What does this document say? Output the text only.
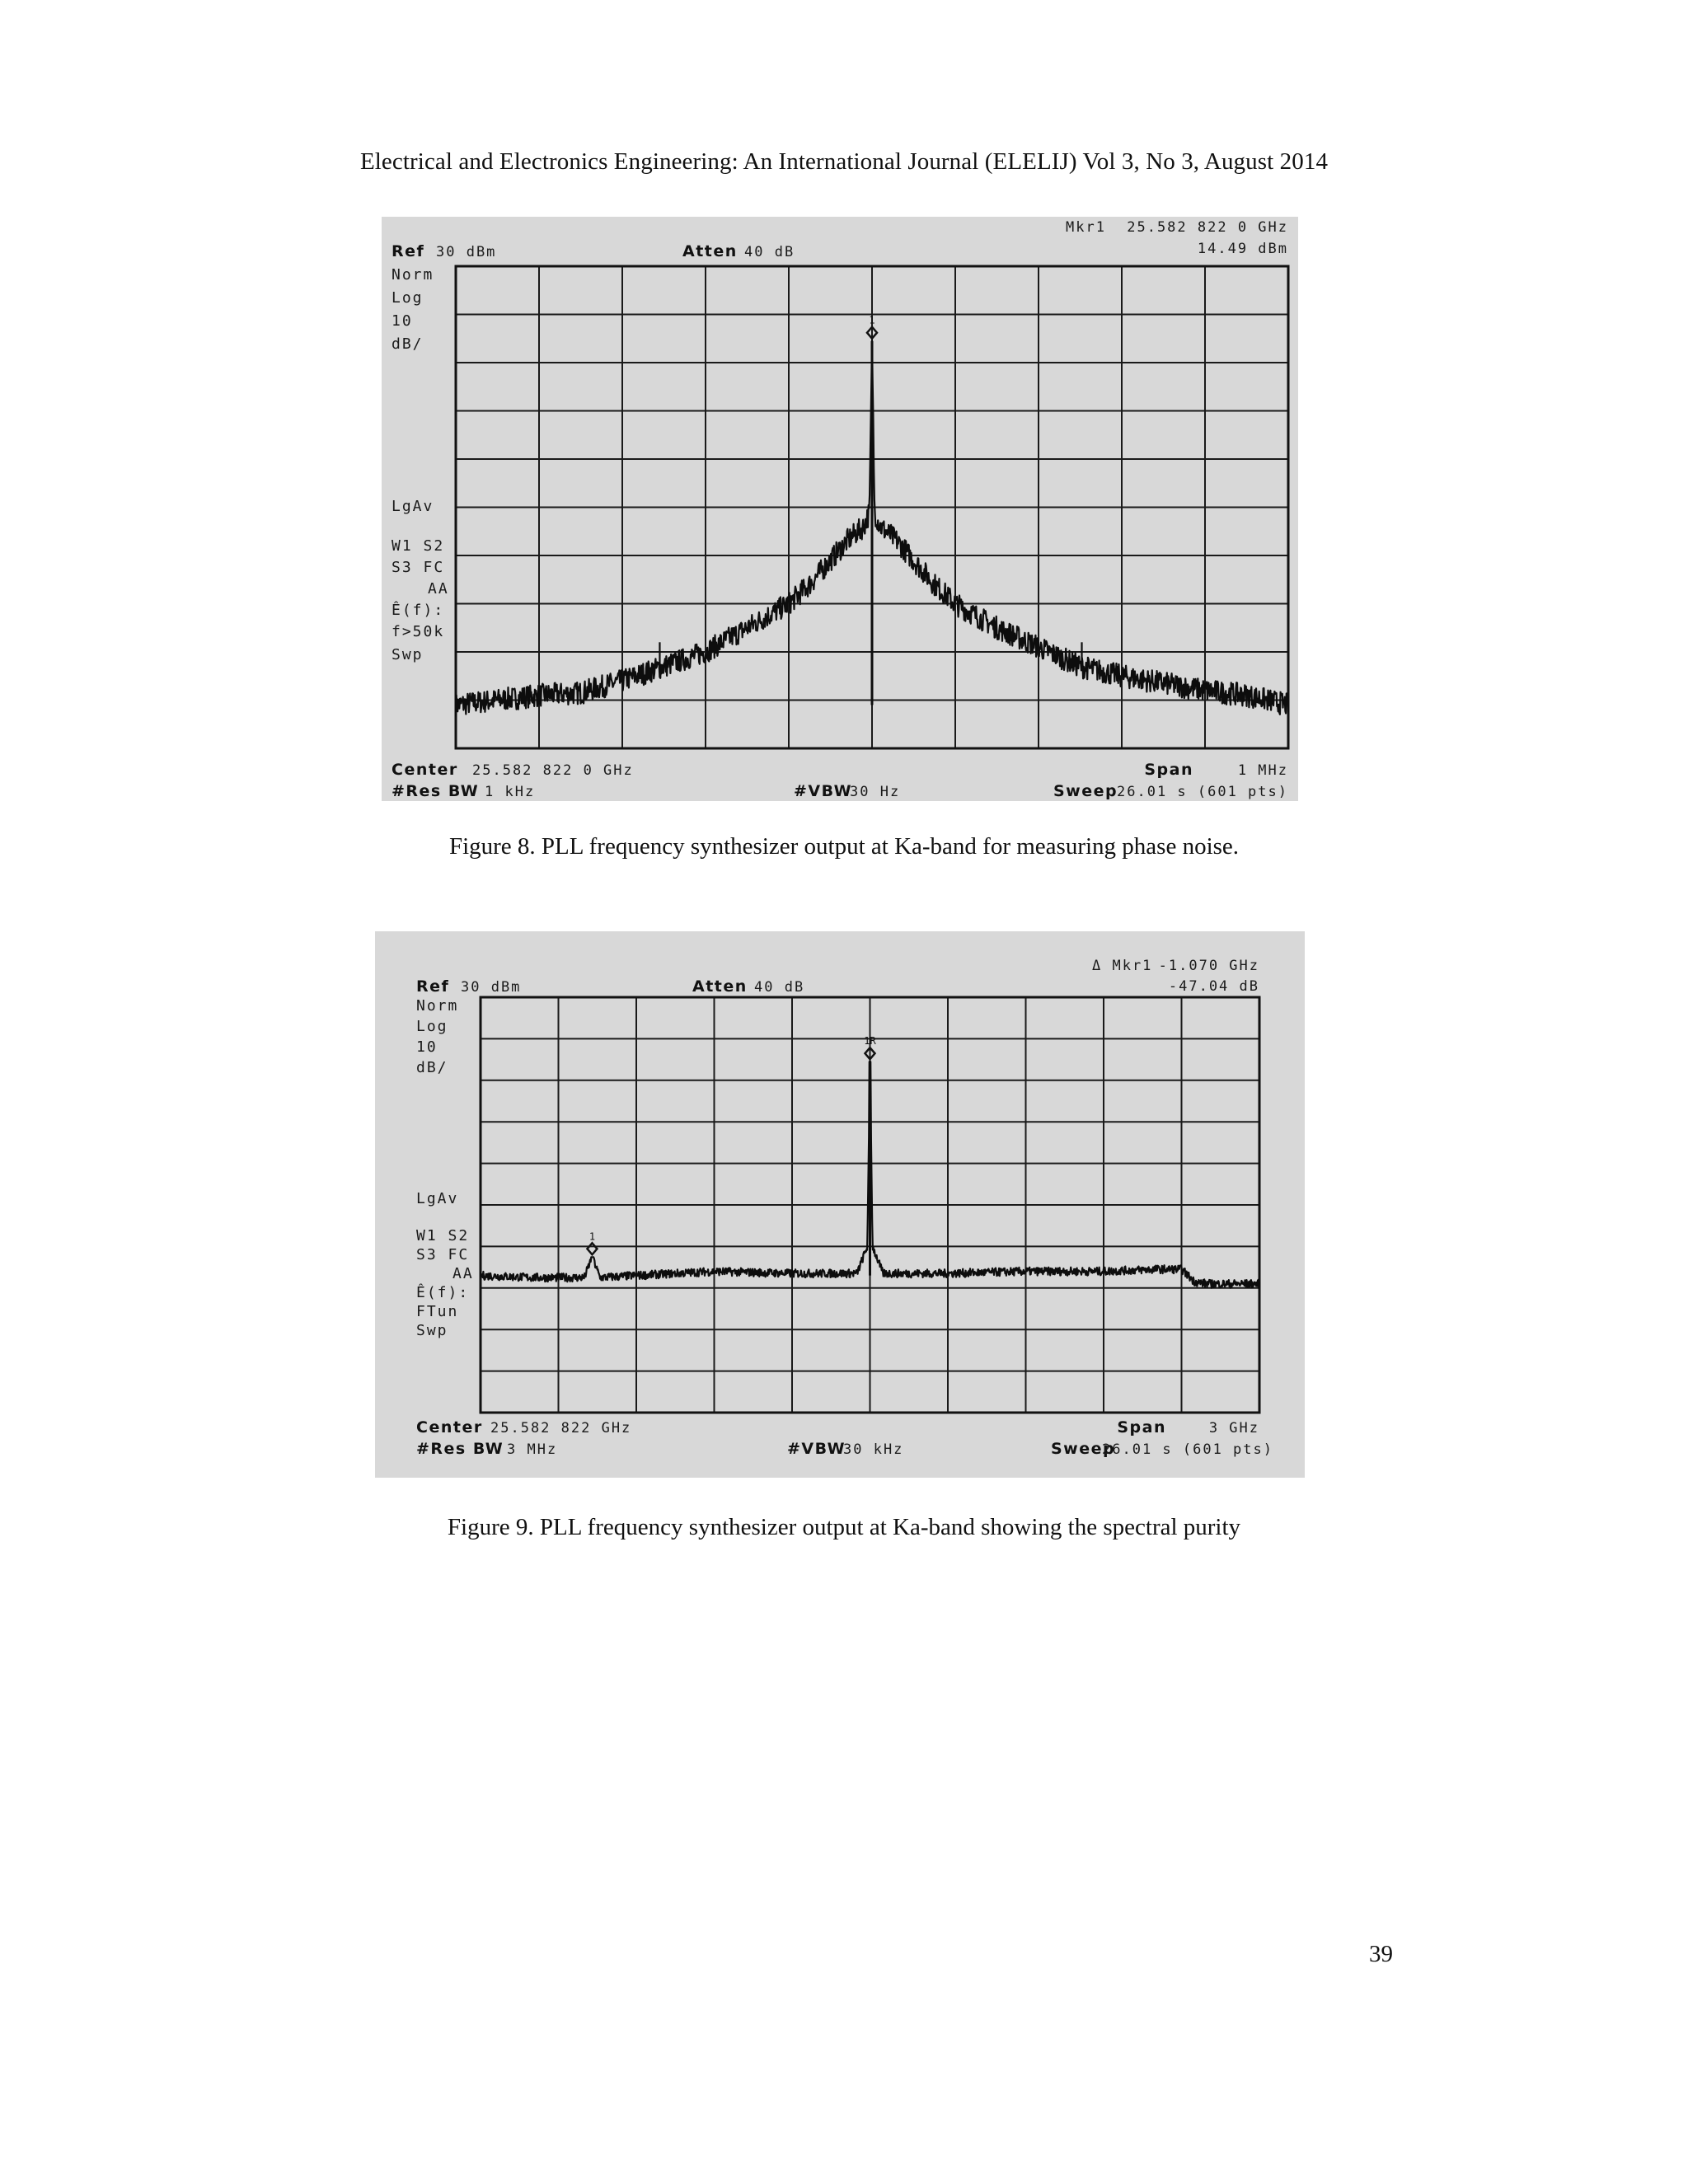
Electrical and Electronics Engineering: An International Journal (ELELIJ) Vol 3, No 3, August 2014
1
Mkr1 25.582 822 0 GHz
14.49 dBm
Ref 30 dBm	Atten 40 dB
Norm
Log
10
dB/
LgAv
W1 S2
S3 FC
AA
Ê(f):
f>50k
Swp
Center 25.582 822 0 GHz	Span	1 MHz
#Res BW 1 kHz	#VBW
30 Hz	Sweep
26.01 s (601 pts)
Figure 8. PLL frequency synthesizer output at Ka-band for measuring phase noise.
1R
1
Δ Mkr1 -1.070 GHz
-47.04 dB
Ref 30 dBm	Atten 40 dB
Norm
Log
10
dB/
LgAv
W1 S2
S3 FC
AA
Ê(f):
FTun
Swp
Center 25.582 822 GHz	Span	3 GHz
#Res BW 3 MHz	#VBW
30 kHz	Sweep
26.01 s (601 pts)
Figure 9. PLL frequency synthesizer output at Ka-band showing the spectral purity
39
